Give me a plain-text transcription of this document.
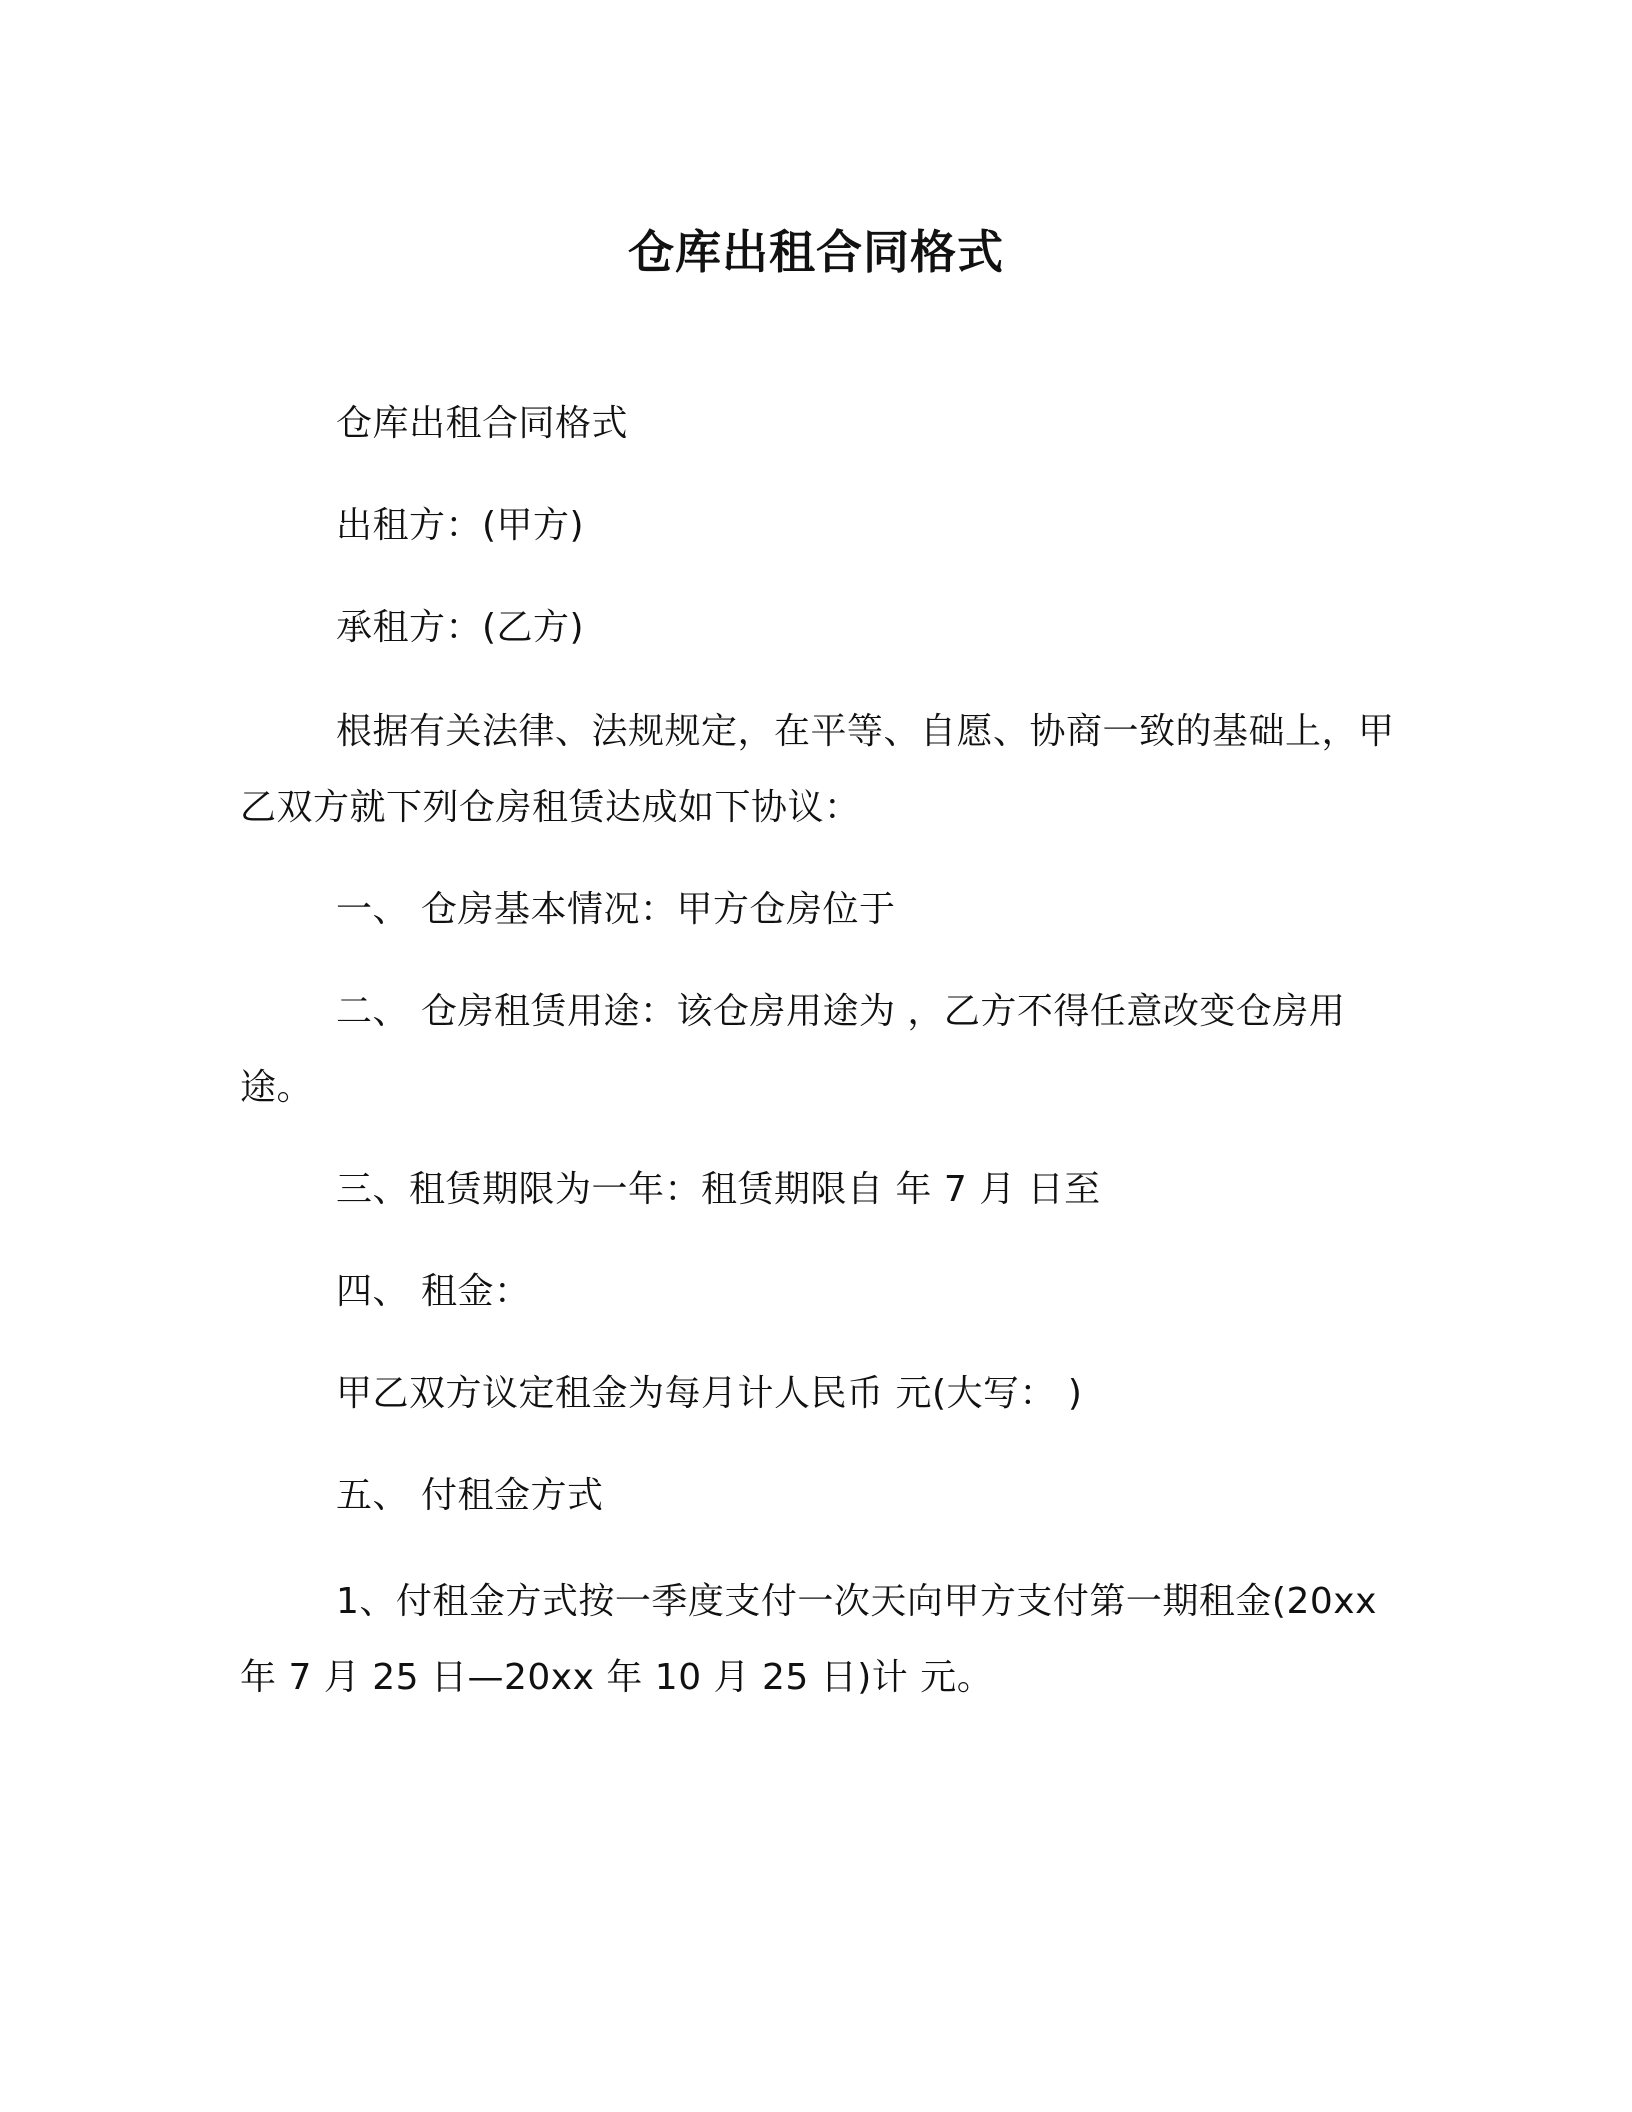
仓库出租合同格式
仓库出租合同格式
出租方：(甲方)
承租方：(乙方)
根据有关法律、法规规定，在平等、自愿、协商一致的基础上，甲乙双方就下列仓房租赁达成如下协议：
一、 仓房基本情况：甲方仓房位于
二、 仓房租赁用途：该仓房用途为 ，乙方不得任意改变仓房用途。
三、租赁期限为一年：租赁期限自 年 7 月 日至
四、 租金：
甲乙双方议定租金为每月计人民币 元(大写： )
五、 付租金方式
1、付租金方式按一季度支付一次天向甲方支付第一期租金(20xx 年 7 月 25 日—20xx 年 10 月 25 日)计 元。
